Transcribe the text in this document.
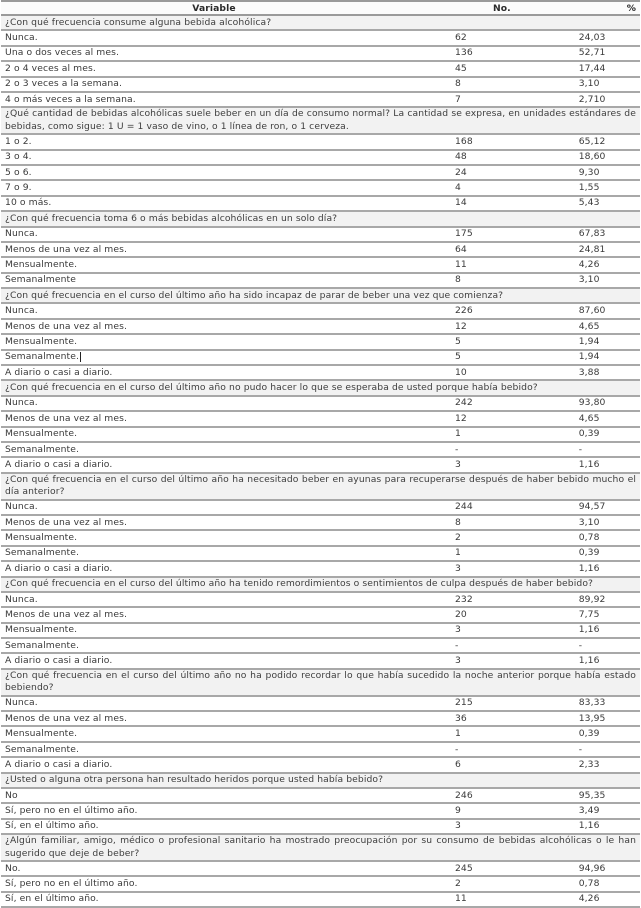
Variable	No.	%
¿Con qué frecuencia consume alguna bebida alcohólica?		
Nunca.	62	24,03
Una o dos veces al mes.	136	52,71
2 o 4 veces al mes.	45	17,44
2 o 3 veces a la semana.	8	3,10
4 o más veces a la semana.	7	2,710
¿Qué cantidad de bebidas alcohólicas suele beber en un día de consumo normal? La cantidad se expresa, en unidades estándares de bebidas, como sigue: 1 U = 1 vaso de vino, o 1 línea de ron, o 1 cerveza.		
1 o 2.	168	65,12
3 o 4.	48	18,60
5 o 6.	24	9,30
7 o 9.	4	1,55
10 o más.	14	5,43
¿Con qué frecuencia toma 6 o más bebidas alcohólicas en un solo día?		
Nunca.	175	67,83
Menos de una vez al mes.	64	24,81
Mensualmente.	11	4,26
Semanalmente	8	3,10
¿Con qué frecuencia en el curso del último año ha sido incapaz de parar de beber una vez que comienza?		
Nunca.	226	87,60
Menos de una vez al mes.	12	4,65
Mensualmente.	5	1,94
Semanalmente.	5	1,94
A diario o casi a diario.	10	3,88
¿Con qué frecuencia en el curso del último año no pudo hacer lo que se esperaba de usted porque había bebido?		
Nunca.	242	93,80
Menos de una vez al mes.	12	4,65
Mensualmente.	1	0,39
Semanalmente.	-	-
A diario o casi a diario.	3	1,16
¿Con qué frecuencia en el curso del último año ha necesitado beber en ayunas para recuperarse después de haber bebido mucho el día anterior?		
Nunca.	244	94,57
Menos de una vez al mes.	8	3,10
Mensualmente.	2	0,78
Semanalmente.	1	0,39
A diario o casi a diario.	3	1,16
¿Con qué frecuencia en el curso del último año ha tenido remordimientos o sentimientos de culpa después de haber bebido?		
Nunca.	232	89,92
Menos de una vez al mes.	20	7,75
Mensualmente.	3	1,16
Semanalmente.	-	-
A diario o casi a diario.	3	1,16
¿Con qué frecuencia en el curso del último año no ha podido recordar lo que había sucedido la noche anterior porque había estado bebiendo?		
Nunca.	215	83,33
Menos de una vez al mes.	36	13,95
Mensualmente.	1	0,39
Semanalmente.	-	-
A diario o casi a diario.	6	2,33
¿Usted o alguna otra persona han resultado heridos porque usted había bebido?		
No	246	95,35
Sí, pero no en el último año.	9	3,49
Sí, en el último año.	3	1,16
¿Algún familiar, amigo, médico o profesional sanitario ha mostrado preocupación por su consumo de bebidas alcohólicas o le han sugerido que deje de beber?		
No.	245	94,96
Sí, pero no en el último año.	2	0,78
Sí, en el último año.	11	4,26
